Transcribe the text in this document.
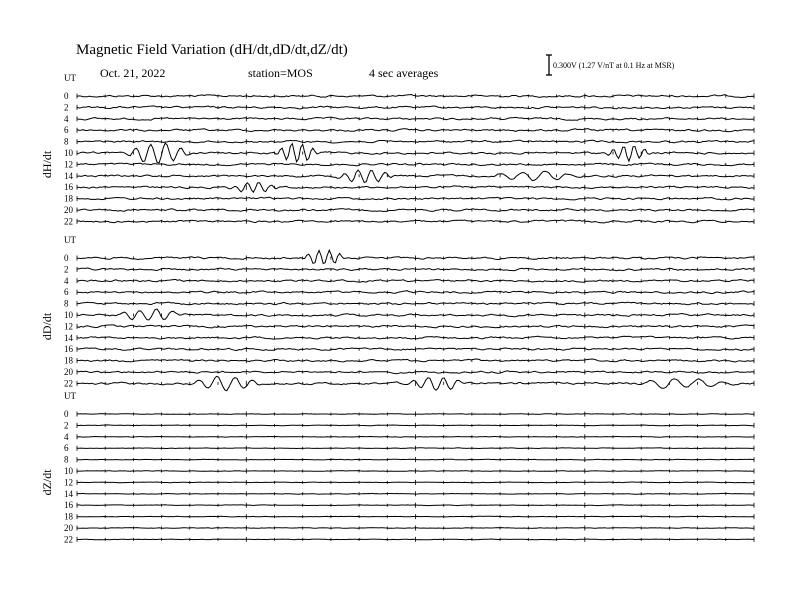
Magnetic Field Variation (dH/dt,dD/dt,dZ/dt)
Oct. 21, 2022	station=MOS	4 sec averages
0.300V (1.27 V/nT at 0.1 Hz at MSR)
UT
dH/dt
0
2
4
6
8
10
12
14
16
18
20
22
UT
dD/dt
0
2
4
6
8
10
12
14
16
18
20
22
UT
dZ/dt
0
2
4
6
8
10
12
14
16
18
20
22
